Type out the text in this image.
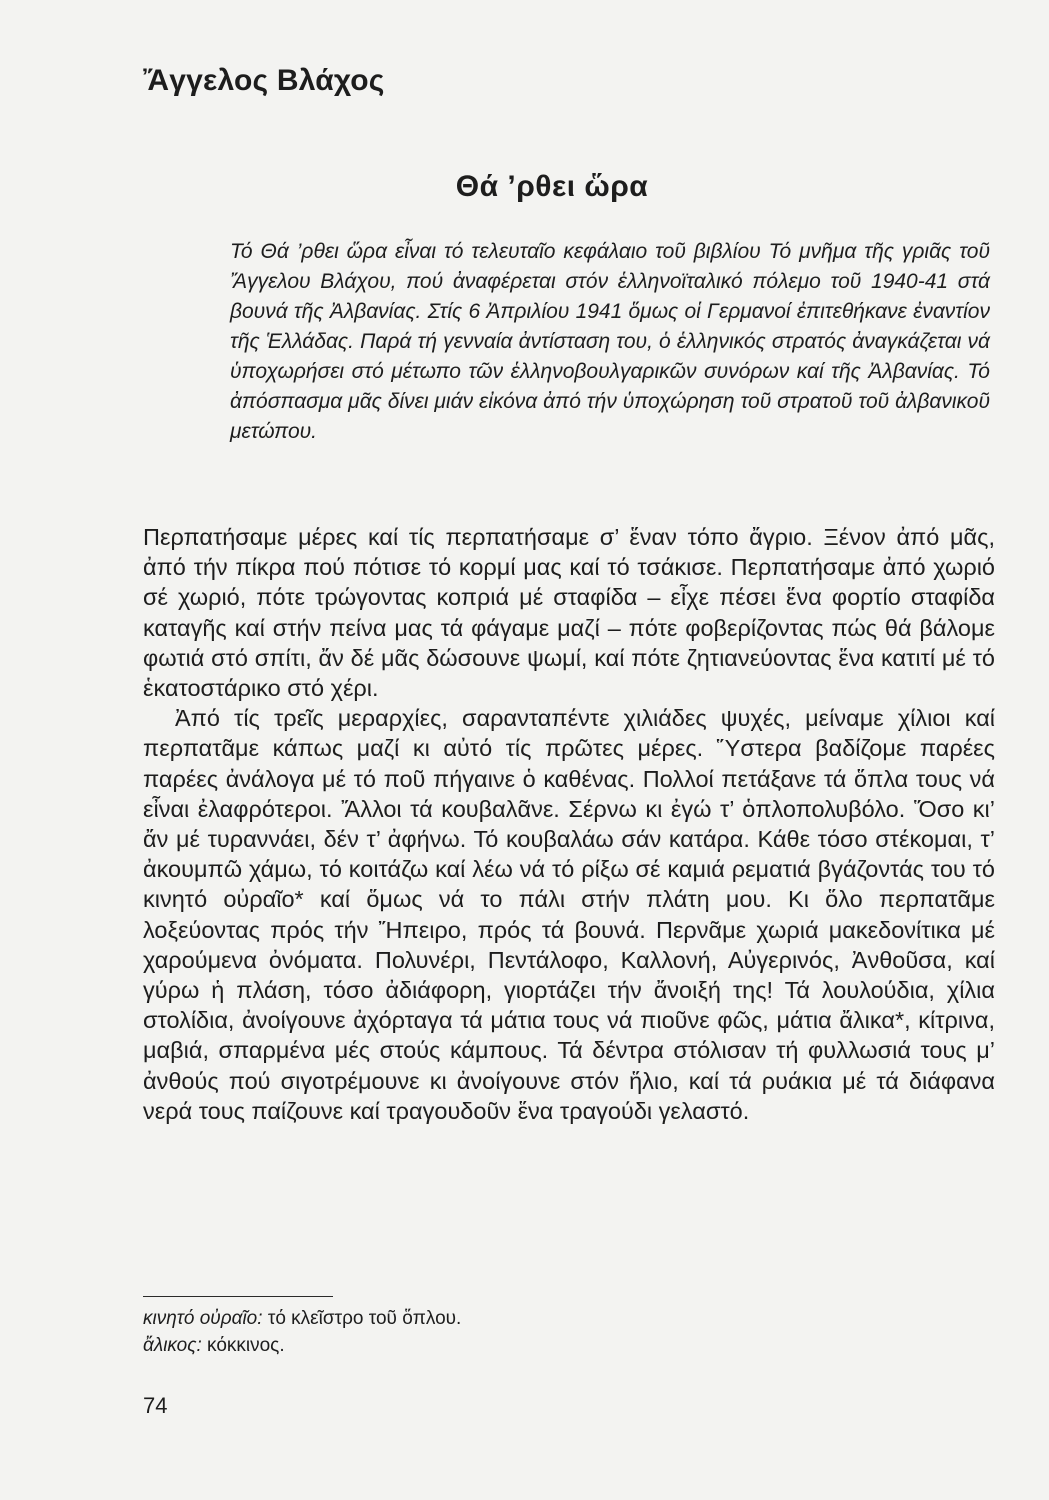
Ἄγγελος Βλάχος
Θά ’ρθει ὥρα

Τό Θά ’ρθει ὥρα εἶναι τό τελευταῖο κεφάλαιο τοῦ βιβλίου Τό μνῆμα τῆς γριᾶς τοῦ Ἄγγελου Βλάχου, πού ἀναφέρεται στόν ἑλληνοϊταλικό πόλεμο τοῦ 1940-41 στά βουνά τῆς Ἀλβανίας. Στίς 6 Ἀπριλίου 1941 ὅμως οἱ Γερμανοί ἐπιτεθήκανε ἐναντίον τῆς Ἑλλάδας. Παρά τή γενναία ἀντίσταση του, ὁ ἑλληνικός στρατός ἀναγκάζεται νά ὑποχωρήσει στό μέτωπο τῶν ἑλληνοβουλγαρικῶν συνόρων καί τῆς Ἀλβανίας. Τό ἀπόσπασμα μᾶς δίνει μιάν εἰκόνα ἀπό τήν ὑποχώρηση τοῦ στρατοῦ τοῦ ἀλβανικοῦ μετώπου.

Περπατήσαμε μέρες καί τίς περπατήσαμε σ’ ἕναν τόπο ἄγριο. Ξένον ἀπό μᾶς, ἀπό τήν πίκρα πού πότισε τό κορμί μας καί τό τσάκισε. Περπατήσαμε ἀπό χωριό σέ χωριό, πότε τρώγοντας κοπριά μέ σταφίδα – εἶχε πέσει ἕνα φορτίο σταφίδα καταγῆς καί στήν πείνα μας τά φάγαμε μαζί – πότε φοβερίζοντας πώς θά βάλομε φωτιά στό σπίτι, ἄν δέ μᾶς δώσουνε ψωμί, καί πότε ζητιανεύοντας ἕνα κατιτί μέ τό ἑκατοστάρικο στό χέρι.

Ἀπό τίς τρεῖς μεραρχίες, σαρανταπέντε χιλιάδες ψυχές, μείναμε χίλιοι καί περπατᾶμε κάπως μαζί κι αὐτό τίς πρῶτες μέρες. Ὕστερα βαδίζομε παρέες παρέες ἀνάλογα μέ τό ποῦ πήγαινε ὁ καθένας. Πολλοί πετάξανε τά ὅπλα τους νά εἶναι ἐλαφρότεροι. Ἄλλοι τά κουβαλᾶνε. Σέρνω κι ἐγώ τ’ ὁπλοπολυβόλο. Ὅσο κι’ ἄν μέ τυραννάει, δέν τ’ ἀφήνω. Τό κουβαλάω σάν κατάρα. Κάθε τόσο στέκομαι, τ’ ἀκουμπῶ χάμω, τό κοιτάζω καί λέω νά τό ρίξω σέ καμιά ρεματιά βγάζοντάς του τό κινητό οὐραῖο* καί ὅμως νά το πάλι στήν πλάτη μου. Κι ὅλο περπατᾶμε λοξεύοντας πρός τήν Ἤπειρο, πρός τά βουνά. Περνᾶμε χωριά μακεδονίτικα μέ χαρούμενα ὀνόματα. Πολυνέρι, Πεντάλοφο, Καλλονή, Αὐγερινός, Ἀνθοῦσα, καί γύρω ἡ πλάση, τόσο ἀδιάφορη, γιορτάζει τήν ἄνοιξή της! Τά λουλούδια, χίλια στολίδια, ἀνοίγουνε ἀχόρταγα τά μάτια τους νά πιοῦνε φῶς, μάτια ἄλικα*, κίτρινα, μαβιά, σπαρμένα μές στούς κάμπους. Τά δέντρα στόλισαν τή φυλλωσιά τους μ’ ἀνθούς πού σιγοτρέμουνε κι ἀνοίγουνε στόν ἥλιο, καί τά ρυάκια μέ τά διάφανα νερά τους παίζουνε καί τραγουδοῦν ἕνα τραγούδι γελαστό.

κινητό οὐραῖο: τό κλεῖστρο τοῦ ὅπλου.
ἄλικος: κόκκινος.

74
